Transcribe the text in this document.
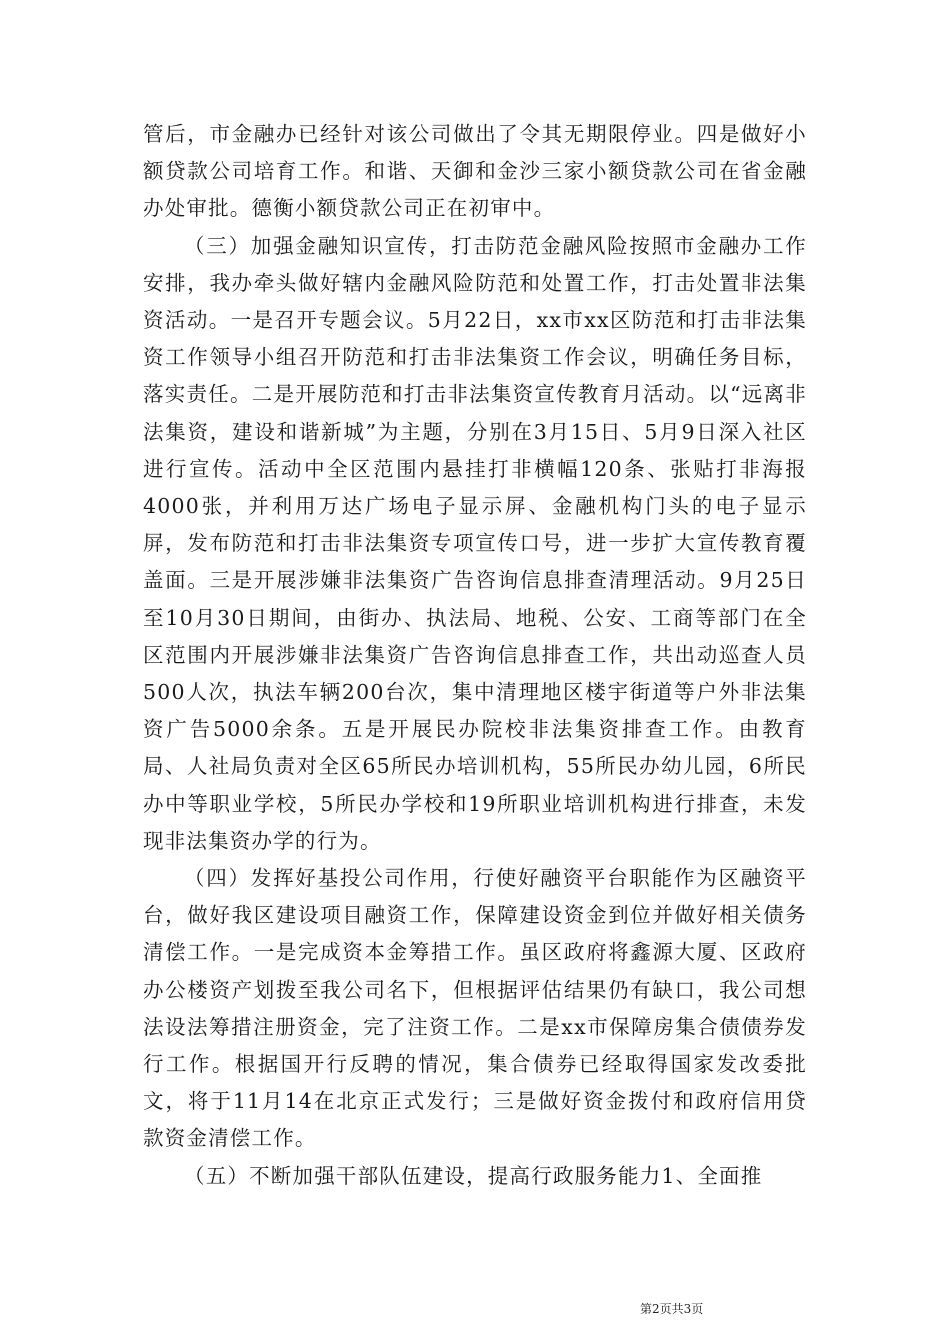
管后，市金融办已经针对该公司做出了令其无期限停业。四是做好小额贷款公司培育工作。和谐、天御和金沙三家小额贷款公司在省金融办处审批。德衡小额贷款公司正在初审中。

（三）加强金融知识宣传，打击防范金融风险按照市金融办工作安排，我办牵头做好辖内金融风险防范和处置工作，打击处置非法集资活动。一是召开专题会议。5月22日，xx市xx区防范和打击非法集资工作领导小组召开防范和打击非法集资工作会议，明确任务目标，落实责任。二是开展防范和打击非法集资宣传教育月活动。以“远离非法集资，建设和谐新城”为主题，分别在3月15日、5月9日深入社区进行宣传。活动中全区范围内悬挂打非横幅120条、张贴打非海报4000张，并利用万达广场电子显示屏、金融机构门头的电子显示屏，发布防范和打击非法集资专项宣传口号，进一步扩大宣传教育覆盖面。三是开展涉嫌非法集资广告咨询信息排查清理活动。9月25日至10月30日期间，由街办、执法局、地税、公安、工商等部门在全区范围内开展涉嫌非法集资广告咨询信息排查工作，共出动巡查人员500人次，执法车辆200台次，集中清理地区楼宇街道等户外非法集资广告5000余条。五是开展民办院校非法集资排查工作。由教育局、人社局负责对全区65所民办培训机构，55所民办幼儿园，6所民办中等职业学校，5所民办学校和19所职业培训机构进行排查，未发现非法集资办学的行为。

（四）发挥好基投公司作用，行使好融资平台职能作为区融资平台，做好我区建设项目融资工作，保障建设资金到位并做好相关债务清偿工作。一是完成资本金筹措工作。虽区政府将鑫源大厦、区政府办公楼资产划拨至我公司名下，但根据评估结果仍有缺口，我公司想法设法筹措注册资金，完了注资工作。二是xx市保障房集合债债券发行工作。根据国开行反聘的情况，集合债券已经取得国家发改委批文，将于11月14在北京正式发行；三是做好资金拨付和政府信用贷款资金清偿工作。

（五）不断加强干部队伍建设，提高行政服务能力1、全面推

第2页共3页
